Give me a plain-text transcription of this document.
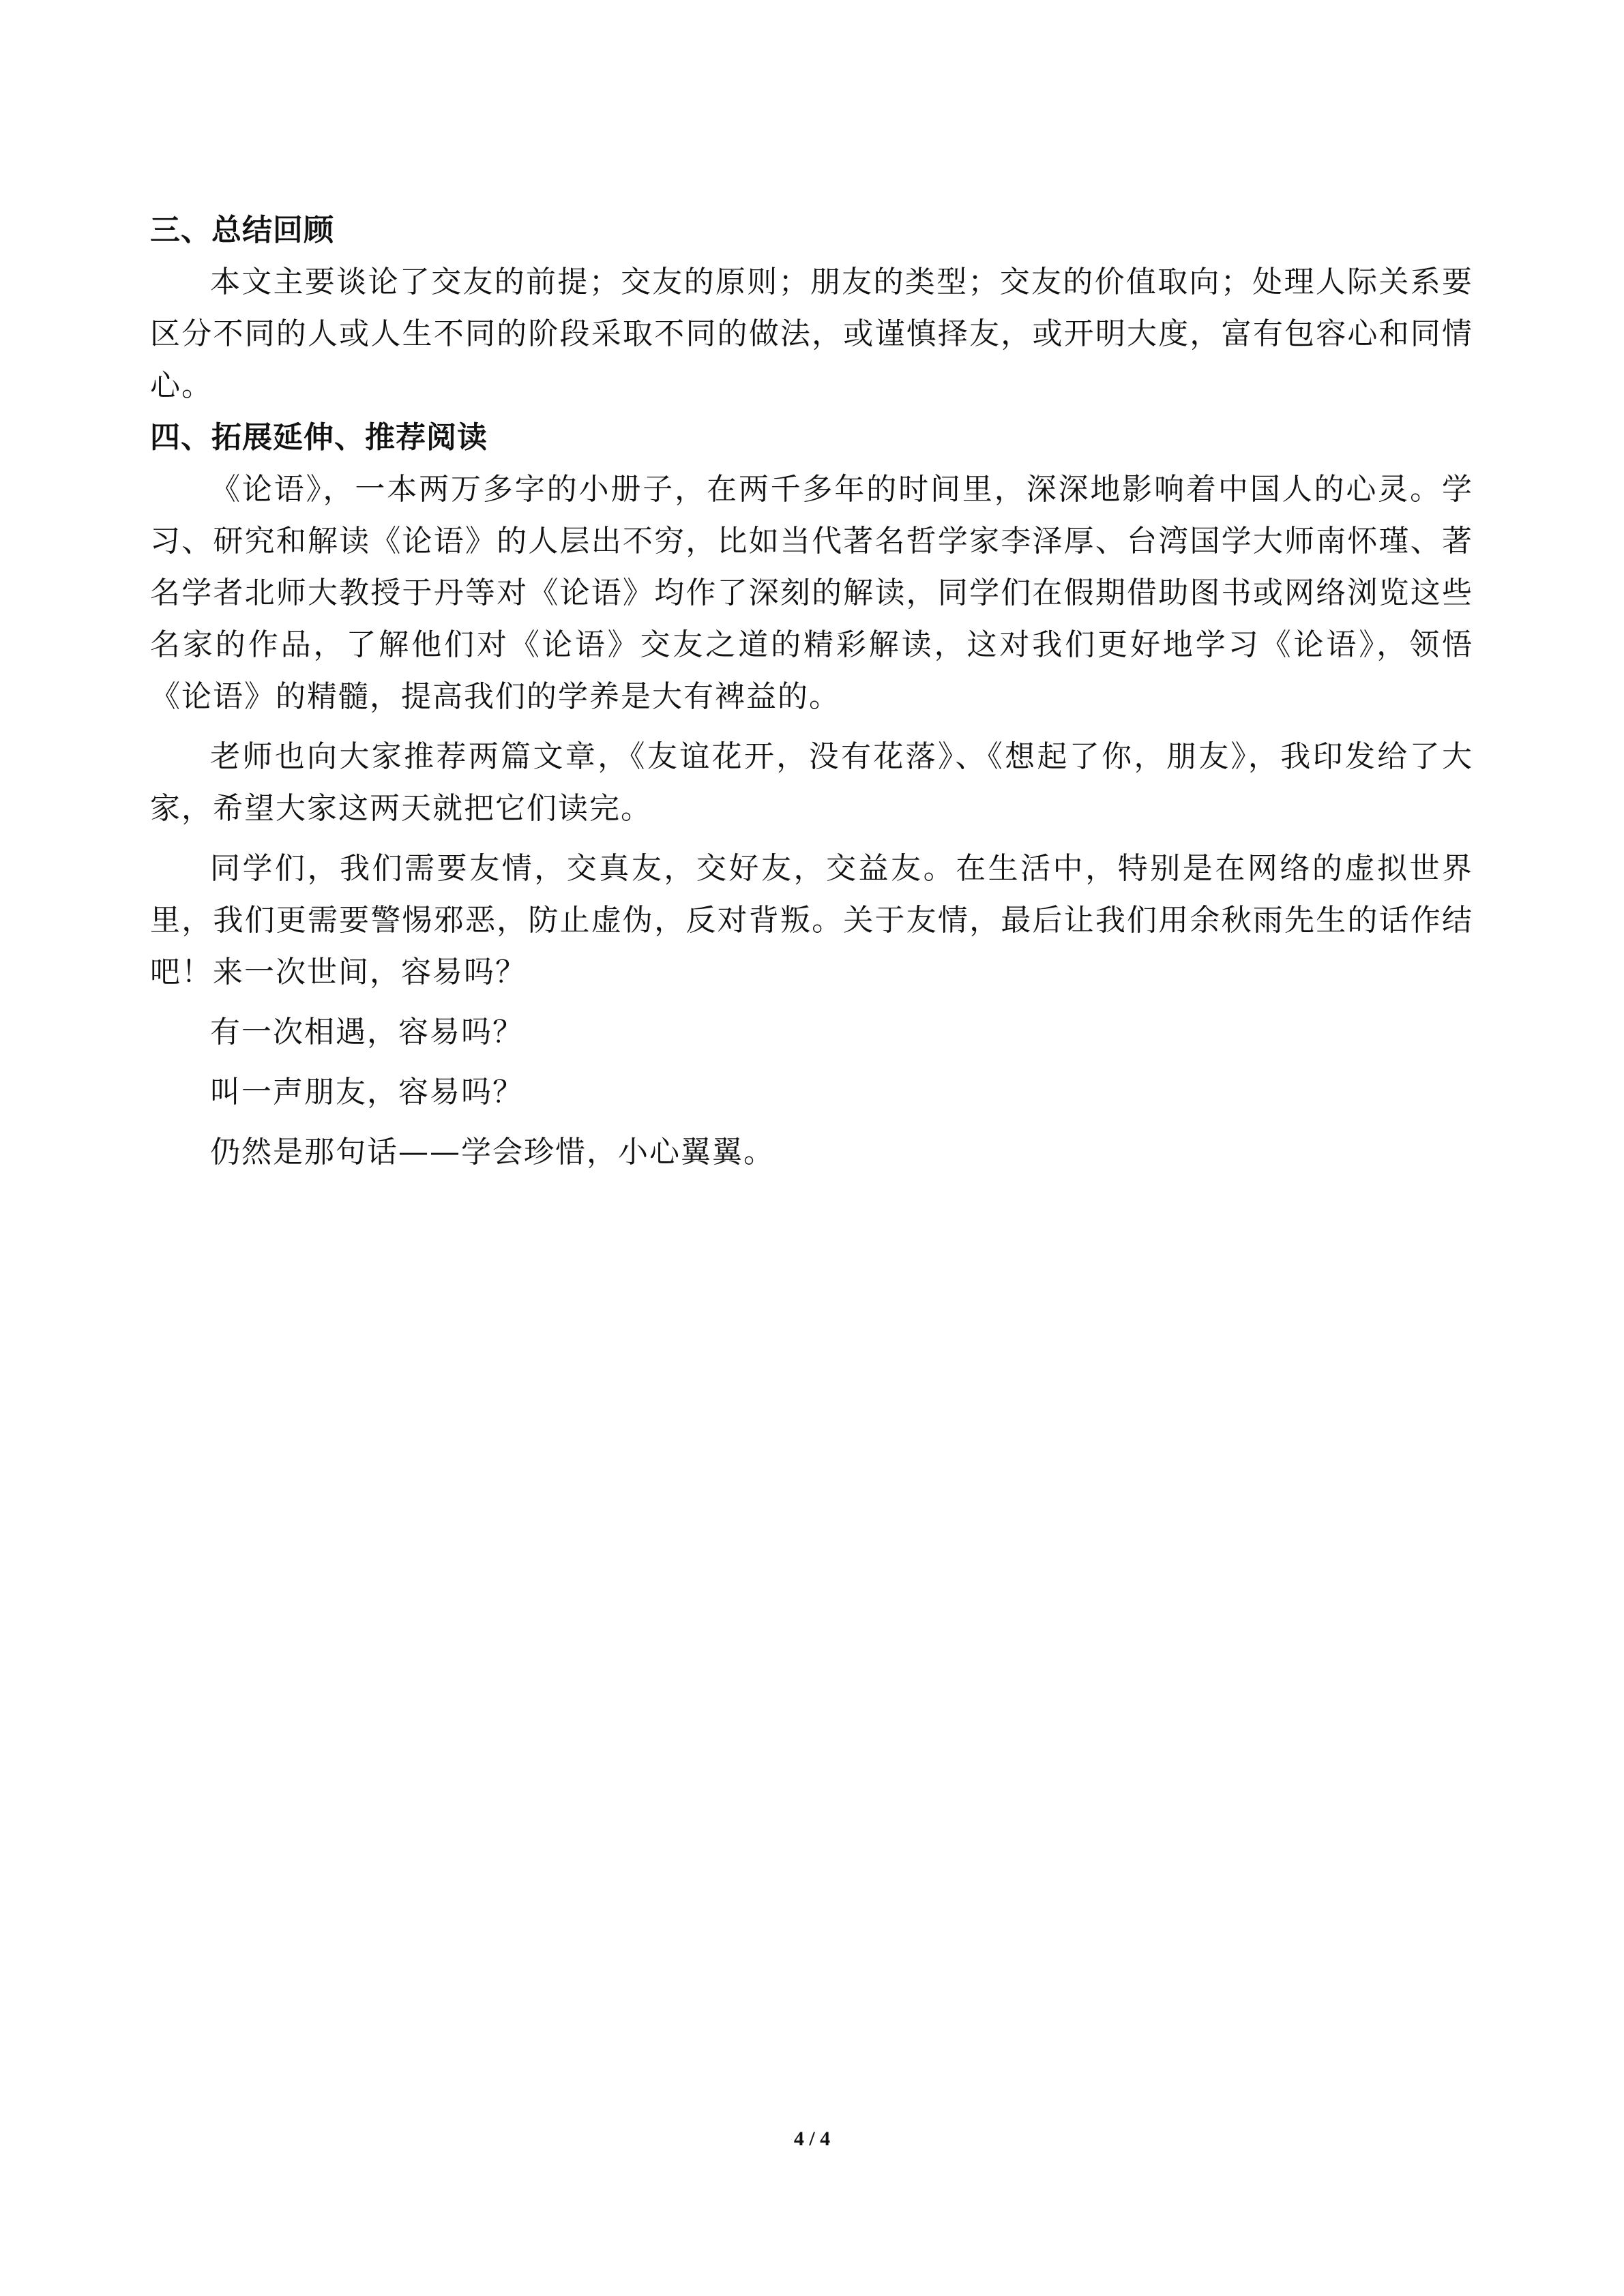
三、总结回顾

本文主要谈论了交友的前提；交友的原则；朋友的类型；交友的价值取向；处理人际关系要区分不同的人或人生不同的阶段采取不同的做法，或谨慎择友，或开明大度，富有包容心和同情心。

四、拓展延伸、推荐阅读

《论语》，一本两万多字的小册子，在两千多年的时间里，深深地影响着中国人的心灵。学习、研究和解读《论语》的人层出不穷，比如当代著名哲学家李泽厚、台湾国学大师南怀瑾、著名学者北师大教授于丹等对《论语》均作了深刻的解读，同学们在假期借助图书或网络浏览这些名家的作品，了解他们对《论语》交友之道的精彩解读，这对我们更好地学习《论语》，领悟《论语》的精髓，提高我们的学养是大有裨益的。

老师也向大家推荐两篇文章，《友谊花开，没有花落》、《想起了你，朋友》，我印发给了大家，希望大家这两天就把它们读完。

同学们，我们需要友情，交真友，交好友，交益友。在生活中，特别是在网络的虚拟世界里，我们更需要警惕邪恶，防止虚伪，反对背叛。关于友情，最后让我们用余秋雨先生的话作结吧！来一次世间，容易吗？

有一次相遇，容易吗？

叫一声朋友，容易吗？

仍然是那句话——学会珍惜，小心翼翼。

4 / 4
